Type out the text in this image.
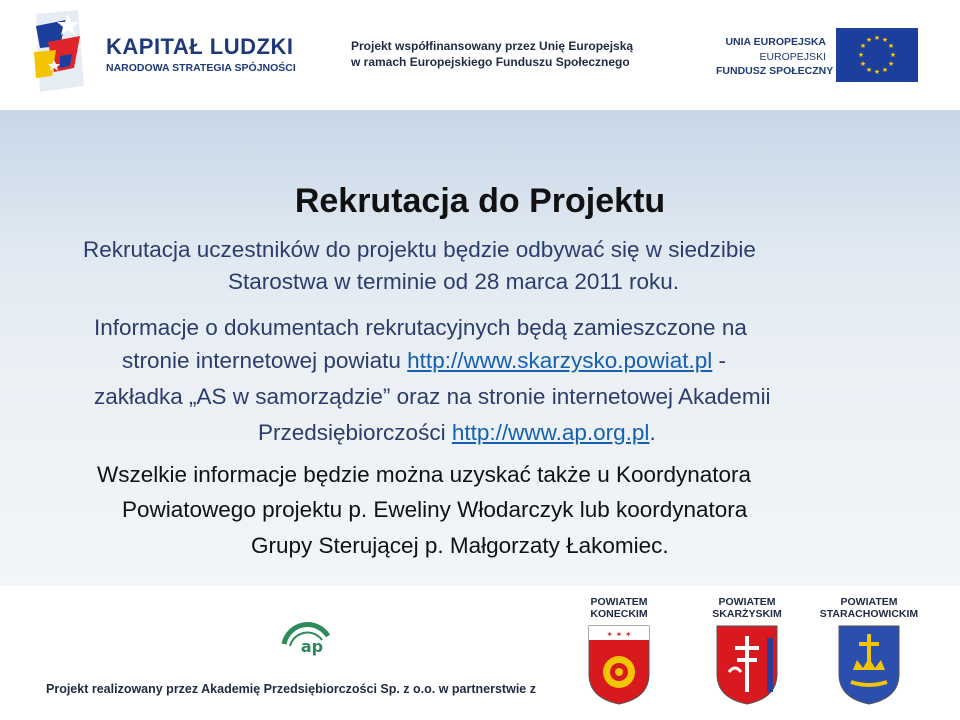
KAPITAŁ LUDZKI
NARODOWA STRATEGIA SPÓJNOŚCI
Projekt współfinansowany przez Unię Europejską
w ramach Europejskiego Funduszu Społecznego
UNIA EUROPEJSKA
EUROPEJSKI
FUNDUSZ SPOŁECZNY
★ ★
★
★
★
★
★
★
★
★
★
★
Rekrutacja do Projektu
Rekrutacja uczestników do projektu będzie odbywać się w siedzibie
Starostwa w terminie od 28 marca 2011 roku.
Informacje o dokumentach rekrutacyjnych będą zamieszczone na
stronie internetowej powiatu http://www.skarzysko.powiat.pl -
zakładka „AS w samorządzie” oraz na stronie internetowej Akademii
Przedsiębiorczości http://www.ap.org.pl.
Wszelkie informacje będzie można uzyskać także u Koordynatora
Powiatowego projektu p. Eweliny Włodarczyk lub koordynatora
Grupy Sterującej p. Małgorzaty Łakomiec.
ap
Projekt realizowany przez Akademię Przedsiębiorczości Sp. z o.o. w partnerstwie z
POWIATEM
KONECKIM
✶ ✶ ✶
POWIATEM
SKARŻYSKIM
POWIATEM
STARACHOWICKIM
